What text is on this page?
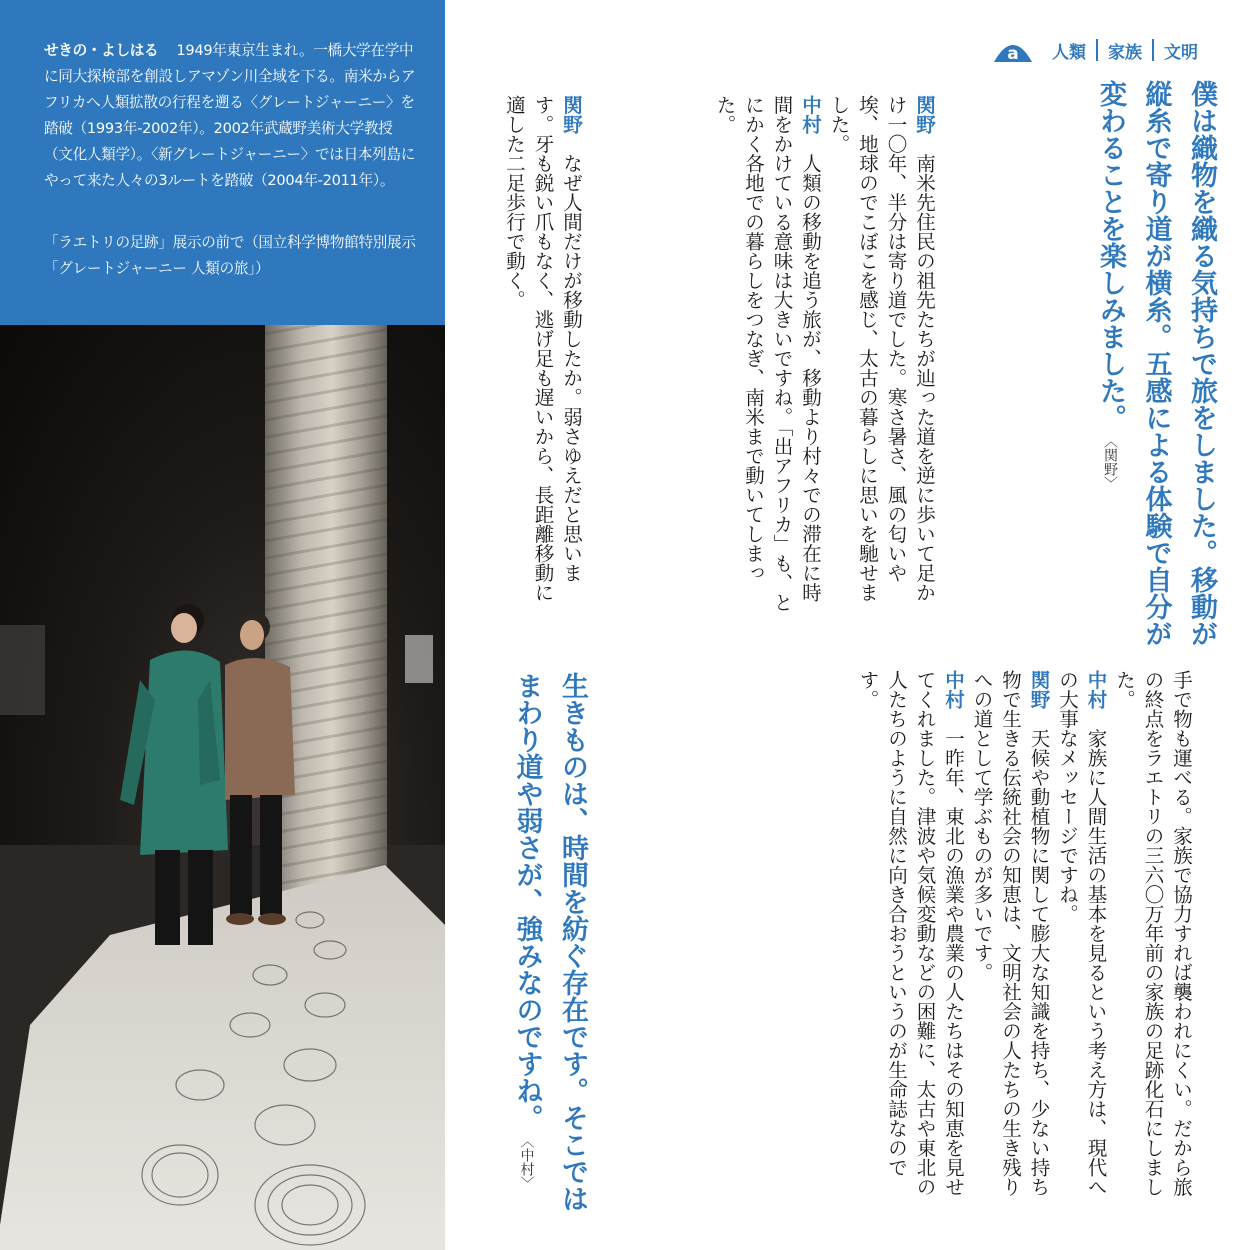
せきの・よしはる 1949年東京生まれ。一橋大学在学中に同大探検部を創設しアマゾン川全域を下る。南米からアフリカへ人類拡散の行程を遡る〈グレートジャーニー〉を踏破（1993年-2002年）。2002年武蔵野美術大学教授（文化人類学）。〈新グレートジャーニー〉では日本列島にやって来た人々の3ルートを踏破（2004年-2011年）。

「ラエトリの足跡」展示の前で（国立科学博物館特別展示「グレートジャーニー 人類の旅」）

a	人類	家族	文明
僕は織物を織る気持ちで旅をしました。移動が縦糸で寄り道が横糸。五感による体験で自分が変わることを楽しみました。〈関野〉
関野　南米先住民の祖先たちが辿った道を逆に歩いて足かけ一〇年、半分は寄り道でした。寒さ暑さ、風の匂いや埃、地球のでこぼこを感じ、太古の暮らしに思いを馳せました。
中村　人類の移動を追う旅が、移動より村々での滞在に時間をかけている意味は大きいですね。「出アフリカ」も、とにかく各地での暮らしをつなぎ、南米まで動いてしまった。

関野　なぜ人間だけが移動したか。弱さゆえだと思います。牙も鋭い爪もなく、逃げ足も遅いから、長距離移動に適した二足歩行で動く。
手で物も運べる。家族で協力すれば襲われにくい。だから旅の終点をラエトリの三六〇万年前の家族の足跡化石にしました。
中村　家族に人間生活の基本を見るという考え方は、現代への大事なメッセージですね。
関野　天候や動植物に関して膨大な知識を持ち、少ない持ち物で生きる伝統社会の知恵は、文明社会の人たちの生き残りへの道として学ぶものが多いです。
中村　一昨年、東北の漁業や農業の人たちはその知恵を見せてくれました。津波や気候変動などの困難に、太古や東北の人たちのように自然に向き合おうというのが生命誌なのです。
生きものは、時間を紡ぐ存在です。そこではまわり道や弱さが、強みなのですね。〈中村〉
